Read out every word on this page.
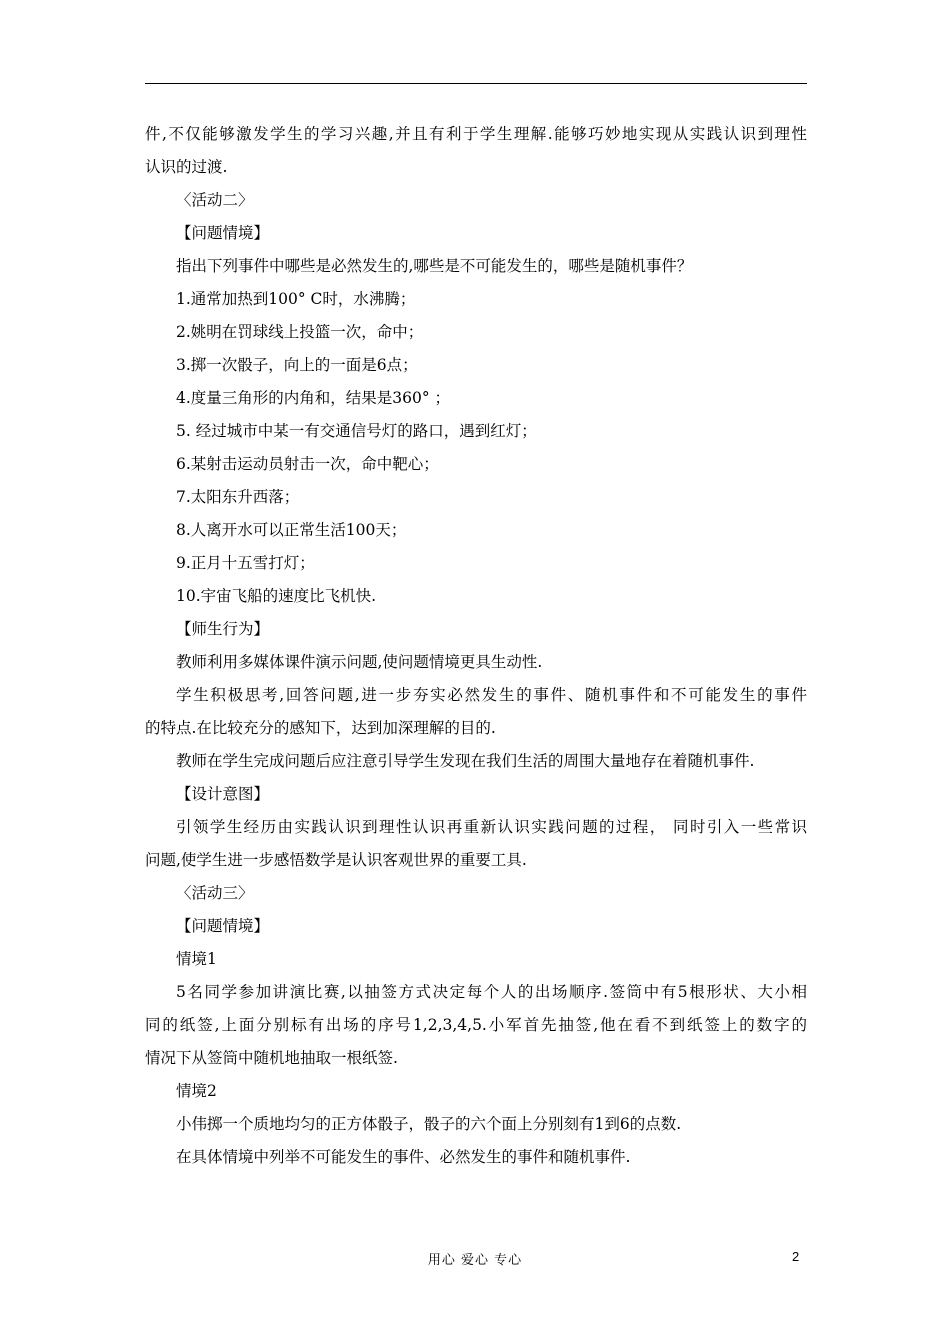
件,不仅能够激发学生的学习兴趣,并且有利于学生理解.能够巧妙地实现从实践认识到理性
认识的过渡.
〈活动二〉
【问题情境】
指出下列事件中哪些是必然发生的,哪些是不可能发生的，哪些是随机事件？
1.通常加热到100° C时，水沸腾；
2.姚明在罚球线上投篮一次，命中；
3.掷一次骰子，向上的一面是6点；
4.度量三角形的内角和，结果是360° ；
5. 经过城市中某一有交通信号灯的路口，遇到红灯；
6.某射击运动员射击一次，命中靶心；
7.太阳东升西落；
8.人离开水可以正常生活100天；
9.正月十五雪打灯；
10.宇宙飞船的速度比飞机快.
【师生行为】
教师利用多媒体课件演示问题,使问题情境更具生动性.
学生积极思考,回答问题,进一步夯实必然发生的事件、随机事件和不可能发生的事件
的特点.在比较充分的感知下，达到加深理解的目的.
教师在学生完成问题后应注意引导学生发现在我们生活的周围大量地存在着随机事件.
【设计意图】
引领学生经历由实践认识到理性认识再重新认识实践问题的过程， 同时引入一些常识
问题,使学生进一步感悟数学是认识客观世界的重要工具.
〈活动三〉
【问题情境】
情境1
5名同学参加讲演比赛,以抽签方式决定每个人的出场顺序.签筒中有5根形状、大小相
同的纸签,上面分别标有出场的序号1,2,3,4,5.小军首先抽签,他在看不到纸签上的数字的
情况下从签筒中随机地抽取一根纸签.
情境2
小伟掷一个质地均匀的正方体骰子，骰子的六个面上分别刻有1到6的点数.
在具体情境中列举不可能发生的事件、必然发生的事件和随机事件.
用心 爱心 专心	2
